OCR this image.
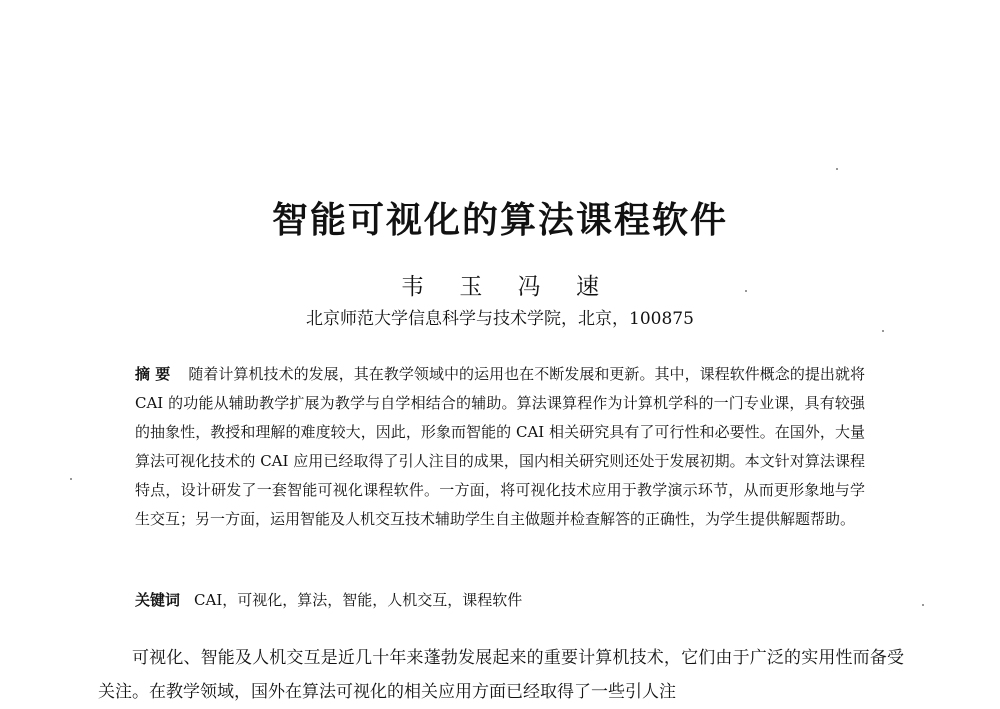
智能可视化的算法课程软件
韦 玉 冯 速
北京师范大学信息科学与技术学院，北京，100875
摘 要 随着计算机技术的发展，其在教学领域中的运用也在不断发展和更新。其中，课程软件概念的提出就将 CAI 的功能从辅助教学扩展为教学与自学相结合的辅助。算法课算程作为计算机学科的一门专业课，具有较强的抽象性，教授和理解的难度较大，因此，形象而智能的 CAI 相关研究具有了可行性和必要性。在国外，大量算法可视化技术的 CAI 应用已经取得了引人注目的成果，国内相关研究则还处于发展初期。本文针对算法课程特点，设计研发了一套智能可视化课程软件。一方面，将可视化技术应用于教学演示环节，从而更形象地与学生交互；另一方面，运用智能及人机交互技术辅助学生自主做题并检查解答的正确性，为学生提供解题帮助。
关键词 CAI，可视化，算法，智能，人机交互，课程软件
可视化、智能及人机交互是近几十年来蓬勃发展起来的重要计算机技术，它们由于广泛的实用性而备受关注。在教学领域，国外在算法可视化的相关应用方面已经取得了一些引人注
